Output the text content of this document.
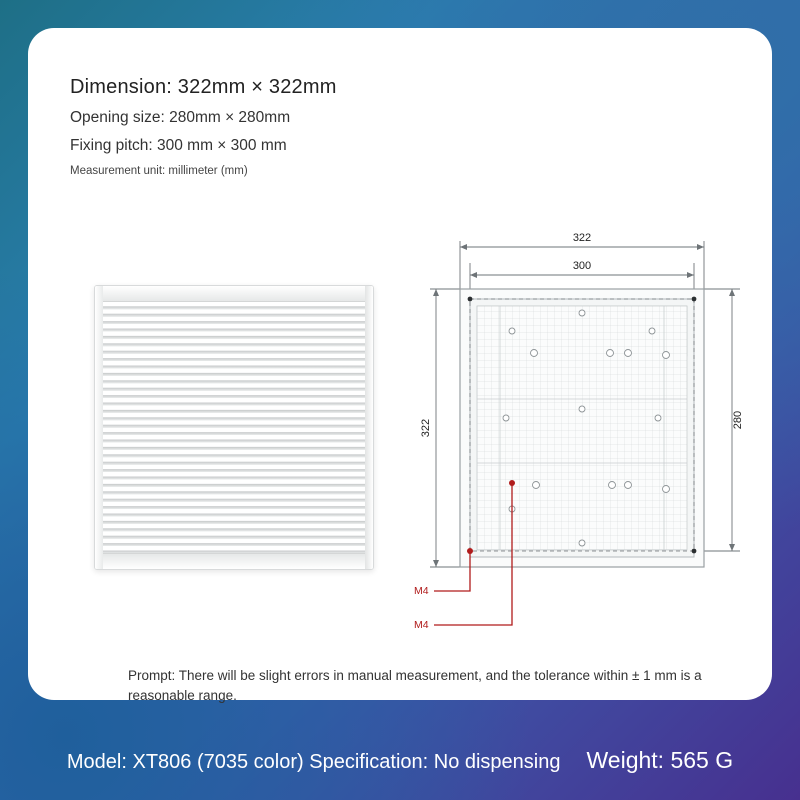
Dimension: 322mm × 322mm
Opening size: 280mm × 280mm
Fixing pitch: 300 mm × 300 mm
Measurement unit: millimeter (mm)
322
300
322	280
M4
M4
Prompt: There will be slight errors in manual measurement, and the tolerance within ± 1 mm is a reasonable range.
Model: XT806 (7035 color) Specification: No dispensing Weight: 565 G
